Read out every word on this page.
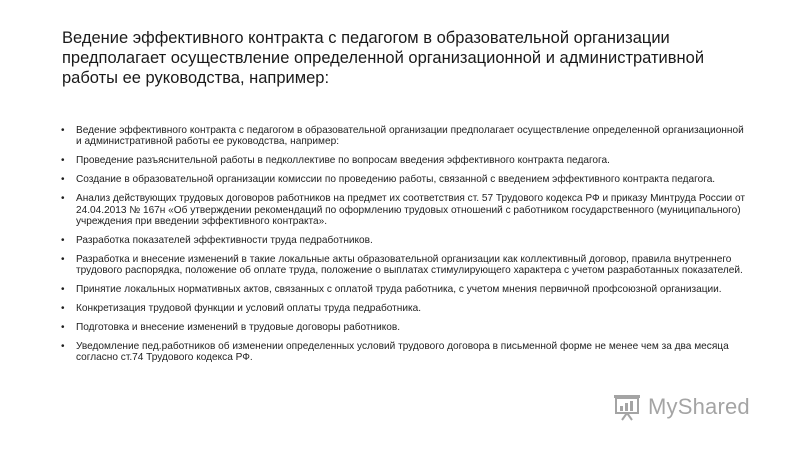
Ведение эффективного контракта с педагогом в образовательной организации предполагает осуществление определенной организационной и административной работы ее руководства, например:
• Ведение эффективного контракта с педагогом в образовательной организации предполагает осуществление определенной организационной и административной работы ее руководства, например:
• Проведение разъяснительной работы в педколлективе по вопросам введения эффективного контракта педагога.
• Создание в образовательной организации комиссии по проведению работы, связанной с введением эффективного контракта педагога.
• Анализ действующих трудовых договоров работников на предмет их соответствия ст. 57 Трудового кодекса РФ и приказу Минтруда России от 24.04.2013 № 167н «Об утверждении рекомендаций по оформлению трудовых отношений с работником государственного (муниципального) учреждения при введении эффективного контракта».
• Разработка показателей эффективности труда педработников.
• Разработка и внесение изменений в такие локальные акты образовательной организации как коллективный договор, правила внутреннего трудового распорядка, положение об оплате труда, положение о выплатах стимулирующего характера с учетом разработанных показателей.
• Принятие локальных нормативных актов, связанных с оплатой труда работника, с учетом мнения первичной профсоюзной организации.
• Конкретизация трудовой функции и условий оплаты труда педработника.
• Подготовка и внесение изменений в трудовые договоры работников.
• Уведомление пед.работников об изменении определенных условий трудового договора в письменной форме не менее чем за два месяца согласно ст.74 Трудового кодекса РФ.
MyShared
